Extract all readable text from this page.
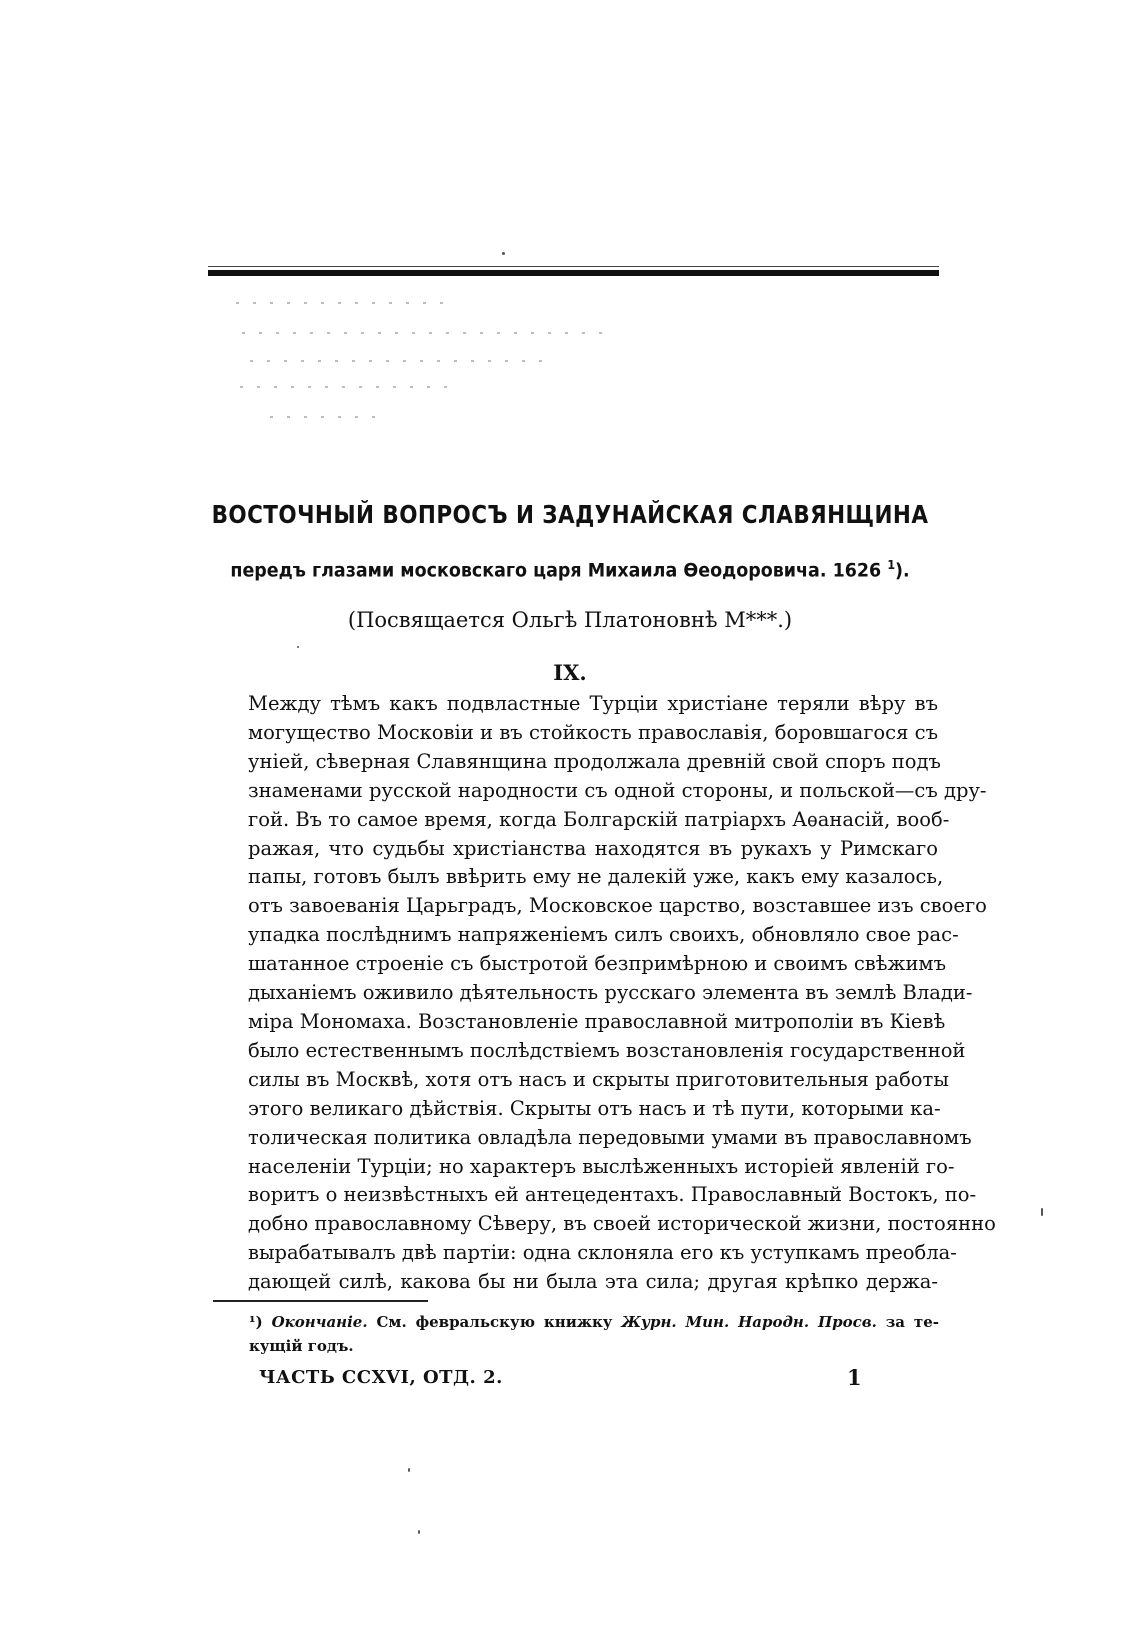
ВОСТОЧНЫЙ ВОПРОСЪ И ЗАДУНАЙСКАЯ СЛАВЯНЩИНА
передъ глазами московскаго царя Михаила Ѳеодоровича. 1626 $^1$).
(Посвящается Ольгѣ Платоновнѣ М***.)
IX.
Между тѣмъ какъ подвластные Турціи христіане теряли вѣру въ
могущество Московіи и въ стойкость православія, боровшагося съ
уніей, сѣверная Славянщина продолжала древній свой споръ подъ
знаменами русской народности съ одной стороны, и польской—съ дру-
гой. Въ то самое время, когда Болгарскій патріархъ Аѳанасій, вооб-
ражая, что судьбы христіанства находятся въ рукахъ у Римскаго
папы, готовъ былъ ввѣрить ему не далекій уже, какъ ему казалось,
отъ завоеванія Царьградъ, Московское царство, возставшее изъ своего
упадка послѣднимъ напряженіемъ силъ своихъ, обновляло свое рас-
шатанное строеніе съ быстротой безпримѣрною и своимъ свѣжимъ
дыханіемъ оживило дѣятельность русскаго элемента въ землѣ Влади-
міра Мономаха. Возстановленіе православной митрополіи въ Кіевѣ
было естественнымъ послѣдствіемъ возстановленія государственной
силы въ Москвѣ, хотя отъ насъ и скрыты приготовительныя работы
этого великаго дѣйствія. Скрыты отъ насъ и тѣ пути, которыми ка-
толическая политика овладѣла передовыми умами въ православномъ
населеніи Турціи; но характеръ выслѣженныхъ исторіей явленій го-
воритъ о неизвѣстныхъ ей антецедентахъ. Православный Востокъ, по-
добно православному Сѣверу, въ своей исторической жизни, постоянно
вырабатывалъ двѣ партіи: одна склоняла его къ уступкамъ преобла-
дающей силѣ, какова бы ни была эта сила; другая крѣпко держа-
¹) Окончаніе. См. февральскую книжку Журн. Мин. Народн. Просв. за те-
кущій годъ.
ЧАСТЬ CCXVI, ОТД. 2.	1
